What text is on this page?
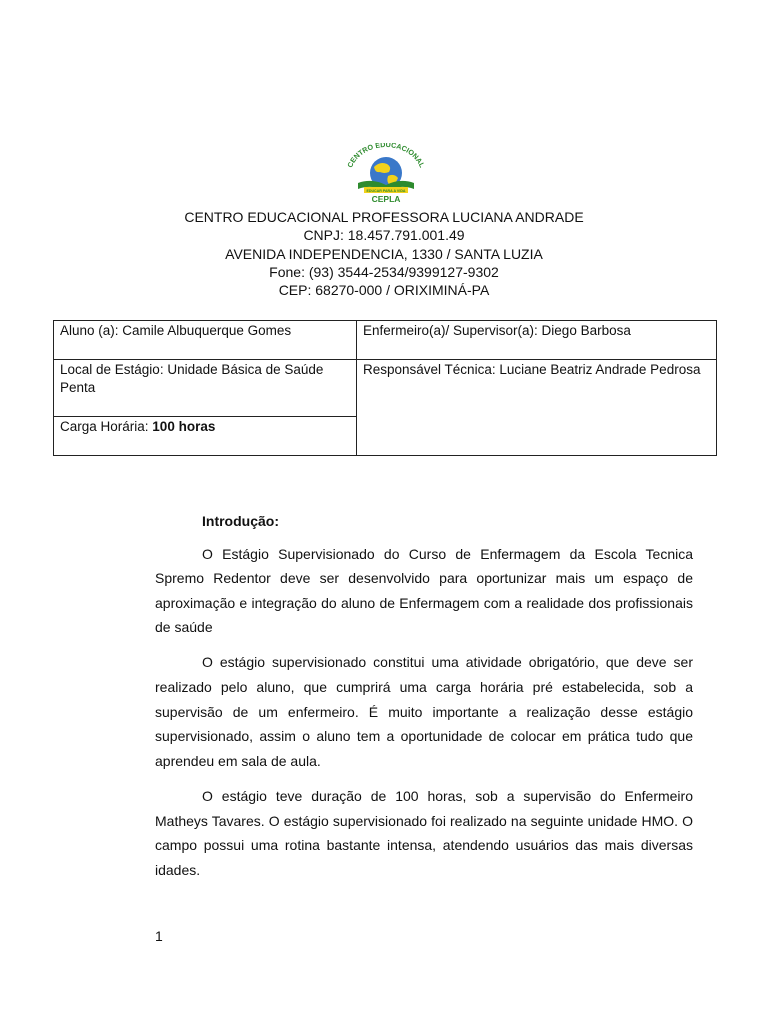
CENTRO EDUCACIONAL
EDUCAR PARA A VIDA
CEPLA
CENTRO EDUCACIONAL PROFESSORA LUCIANA ANDRADE
CNPJ: 18.457.791.001.49
AVENIDA INDEPENDENCIA, 1330 / SANTA LUZIA
Fone: (93) 3544-2534/9399127-9302
CEP: 68270-000 / ORIXIMINÁ-PA
Aluno (a): Camile Albuquerque Gomes	Enfermeiro(a)/ Supervisor(a): Diego Barbosa
Local de Estágio: Unidade Básica de Saúde Penta	Responsável Técnica: Luciane Beatriz Andrade Pedrosa
Carga Horária: 100 horas	

Introdução:

O Estágio Supervisionado do Curso de Enfermagem da Escola Tecnica Spremo Redentor deve ser desenvolvido para oportunizar mais um espaço de aproximação e integração do aluno de Enfermagem com a realidade dos profissionais de saúde

O estágio supervisionado constitui uma atividade obrigatório, que deve ser realizado pelo aluno, que cumprirá uma carga horária pré estabelecida, sob a supervisão de um enfermeiro. É muito importante a realização desse estágio supervisionado, assim o aluno tem a oportunidade de colocar em prática tudo que aprendeu em sala de aula.

O estágio teve duração de 100 horas, sob a supervisão do Enfermeiro Matheys Tavares. O estágio supervisionado foi realizado na seguinte unidade HMO. O campo possui uma rotina bastante intensa, atendendo usuários das mais diversas idades.

1
